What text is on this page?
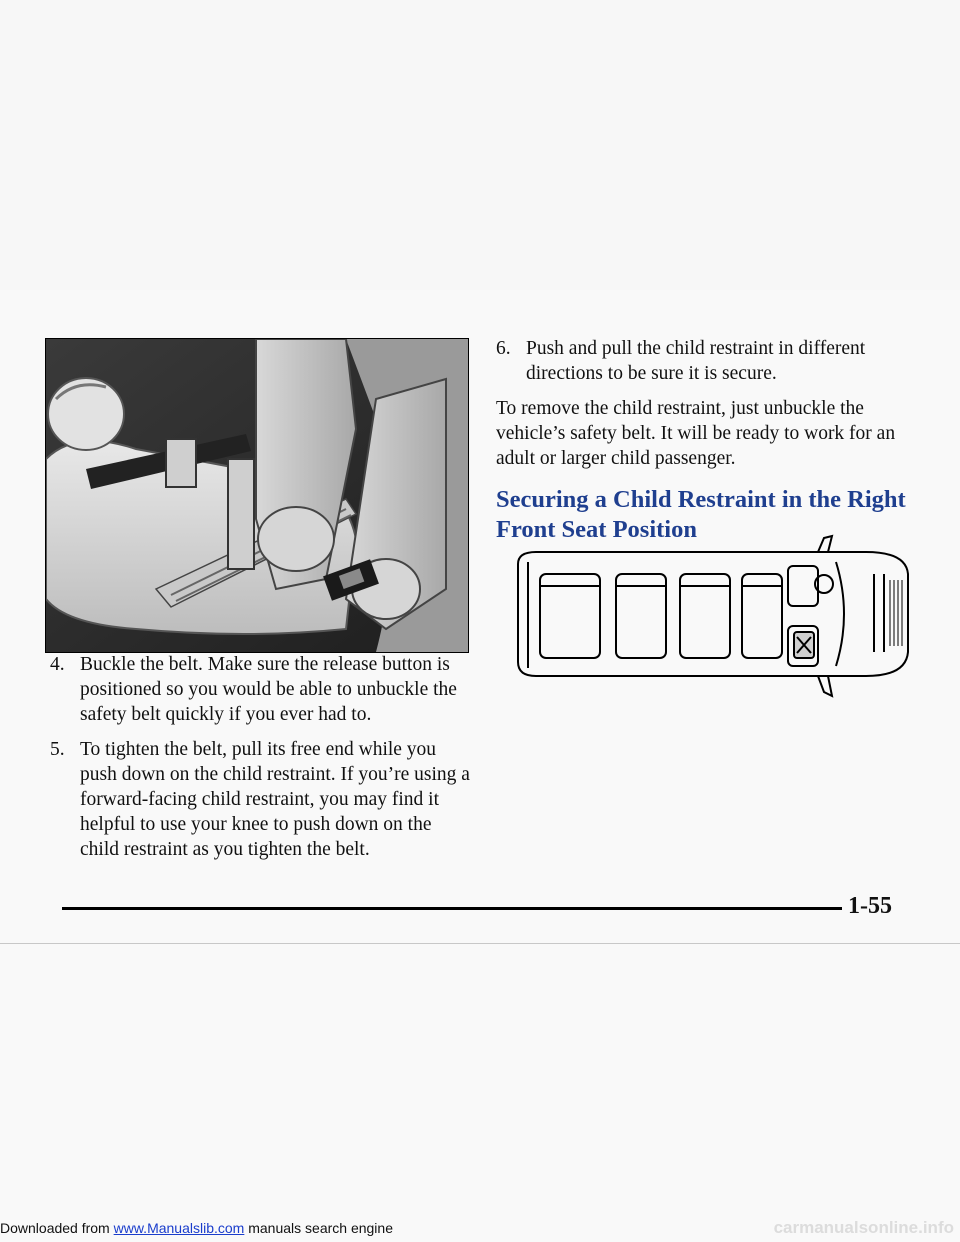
4. Buckle the belt. Make sure the release button is positioned so you would be able to unbuckle the safety belt quickly if you ever had to.
5. To tighten the belt, pull its free end while you push down on the child restraint. If you’re using a forward-facing child restraint, you may find it helpful to use your knee to push down on the child restraint as you tighten the belt.
6. Push and pull the child restraint in different directions to be sure it is secure.

To remove the child restraint, just unbuckle the vehicle’s safety belt. It will be ready to work for an adult or larger child passenger.

Securing a Child Restraint in the Right Front Seat Position
1-55
Downloaded from www.Manualslib.com manuals search engine	carmanualsonline.info
